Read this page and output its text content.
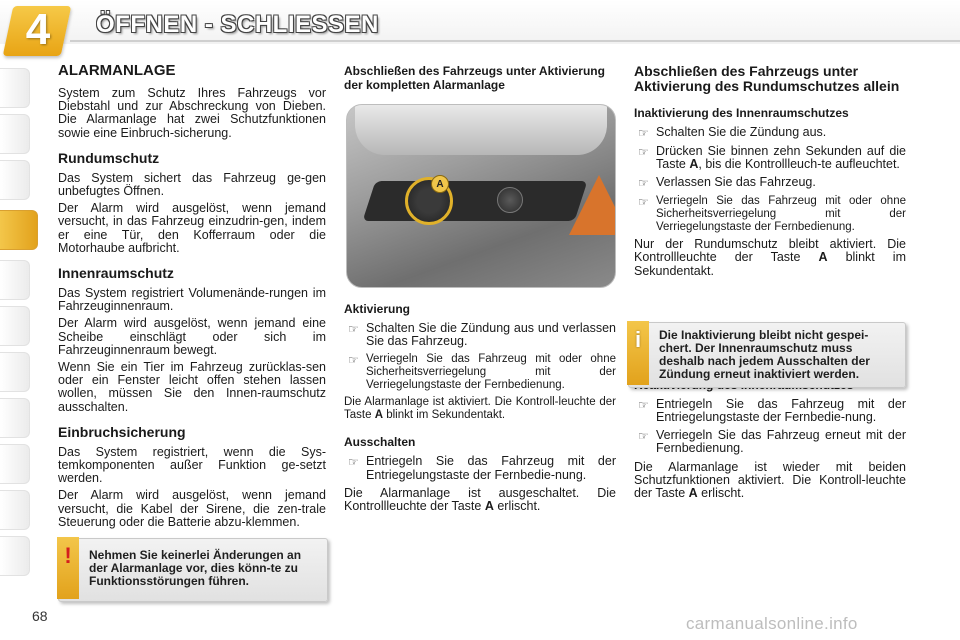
4	ÖFFNEN - SCHLIESSEN
ALARMANLAGE
System zum Schutz Ihres Fahrzeugs vor Diebstahl und zur Abschreckung von Dieben. Die Alarmanlage hat zwei Schutzfunktionen sowie eine Einbruch-sicherung.
Rundumschutz
Das System sichert das Fahrzeug ge-gen unbefugtes Öffnen.
Der Alarm wird ausgelöst, wenn jemand versucht, in das Fahrzeug einzudrin-gen, indem er eine Tür, den Kofferraum oder die Motorhaube aufbricht.
Innenraumschutz
Das System registriert Volumenände-rungen im Fahrzeuginnenraum.
Der Alarm wird ausgelöst, wenn jemand eine Scheibe einschlägt oder sich im Fahrzeuginnenraum bewegt.
Wenn Sie ein Tier im Fahrzeug zurücklas-sen oder ein Fenster leicht offen stehen lassen wollen, müssen Sie den Innen-raumschutz ausschalten.
Einbruchsicherung
Das System registriert, wenn die Sys-temkomponenten außer Funktion ge-setzt werden.
Der Alarm wird ausgelöst, wenn jemand versucht, die Kabel der Sirene, die zen-trale Steuerung oder die Batterie abzu-klemmen.
!	Nehmen Sie keinerlei Änderungen an der Alarmanlage vor, dies könn-te zu Funktionsstörungen führen.
Abschließen des Fahrzeugs unter Aktivierung der kompletten Alarmanlage
A
Aktivierung
☞ Schalten Sie die Zündung aus und verlassen Sie das Fahrzeug.
☞ Verriegeln Sie das Fahrzeug mit oder ohne Sicherheitsverriegelung mit der Verriegelungstaste der Fernbedienung.
Die Alarmanlage ist aktiviert. Die Kontroll-leuchte der Taste A blinkt im Sekundentakt.
Ausschalten
☞ Entriegeln Sie das Fahrzeug mit der Entriegelungstaste der Fernbedie-nung.
Die Alarmanlage ist ausgeschaltet. Die Kontrollleuchte der Taste A erlischt.
Abschließen des Fahrzeugs unter Aktivierung des Rundumschutzes allein
Inaktivierung des Innenraumschutzes
☞ Schalten Sie die Zündung aus.
☞ Drücken Sie binnen zehn Sekunden auf die Taste A, bis die Kontrollleuch-te aufleuchtet.
☞ Verlassen Sie das Fahrzeug.
☞ Verriegeln Sie das Fahrzeug mit oder ohne Sicherheitsverriegelung mit der Verriegelungstaste der Fernbedienung.
Nur der Rundumschutz bleibt aktiviert. Die Kontrollleuchte der Taste A blinkt im Sekundentakt.
☞ Entriegeln Sie das Fahrzeug mit der Entriegelungstaste der Fernbedie-nung.
☞ Verriegeln Sie das Fahrzeug erneut mit der Fernbedienung.
Die Alarmanlage ist wieder mit beiden Schutzfunktionen aktiviert. Die Kontroll-leuchte der Taste A erlischt.
i	Die Inaktivierung bleibt nicht gespei-chert. Der Innenraumschutz muss deshalb nach jedem Ausschalten der Zündung erneut inaktiviert werden.
68	carmanualsonline.info
